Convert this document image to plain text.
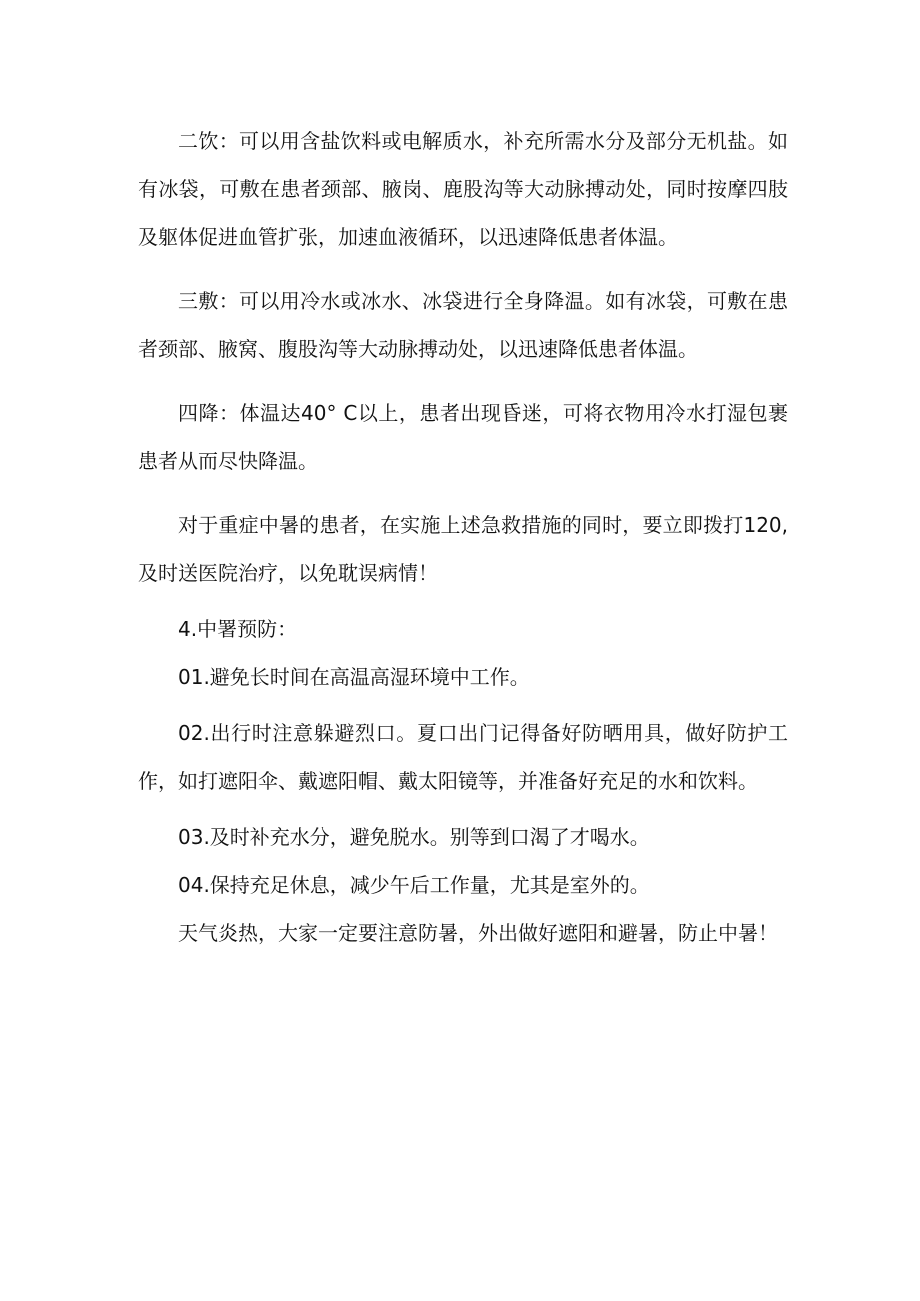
二饮：可以用含盐饮料或电解质水，补充所需水分及部分无机盐。如有冰袋，可敷在患者颈部、腋岗、鹿股沟等大动脉搏动处，同时按摩四肢及躯体促进血管扩张，加速血液循环，以迅速降低患者体温。

三敷：可以用冷水或冰水、冰袋进行全身降温。如有冰袋，可敷在患者颈部、腋窝、腹股沟等大动脉搏动处，以迅速降低患者体温。

四降：体温达40° C以上，患者出现昏迷，可将衣物用冷水打湿包裹患者从而尽快降温。

对于重症中暑的患者，在实施上述急救措施的同时，要立即拨打120,及时送医院治疗，以免耽误病情！

4.中署预防：

01.避免长时间在高温高湿环境中工作。

02.出行时注意躲避烈口。夏口出门记得备好防晒用具，做好防护工作，如打遮阳伞、戴遮阳帽、戴太阳镜等，并准备好充足的水和饮料。

03.及时补充水分，避免脱水。别等到口渴了才喝水。

04.保持充足休息，减少午后工作量，尤其是室外的。

天气炎热，大家一定要注意防暑，外出做好遮阳和避暑，防止中暑！
